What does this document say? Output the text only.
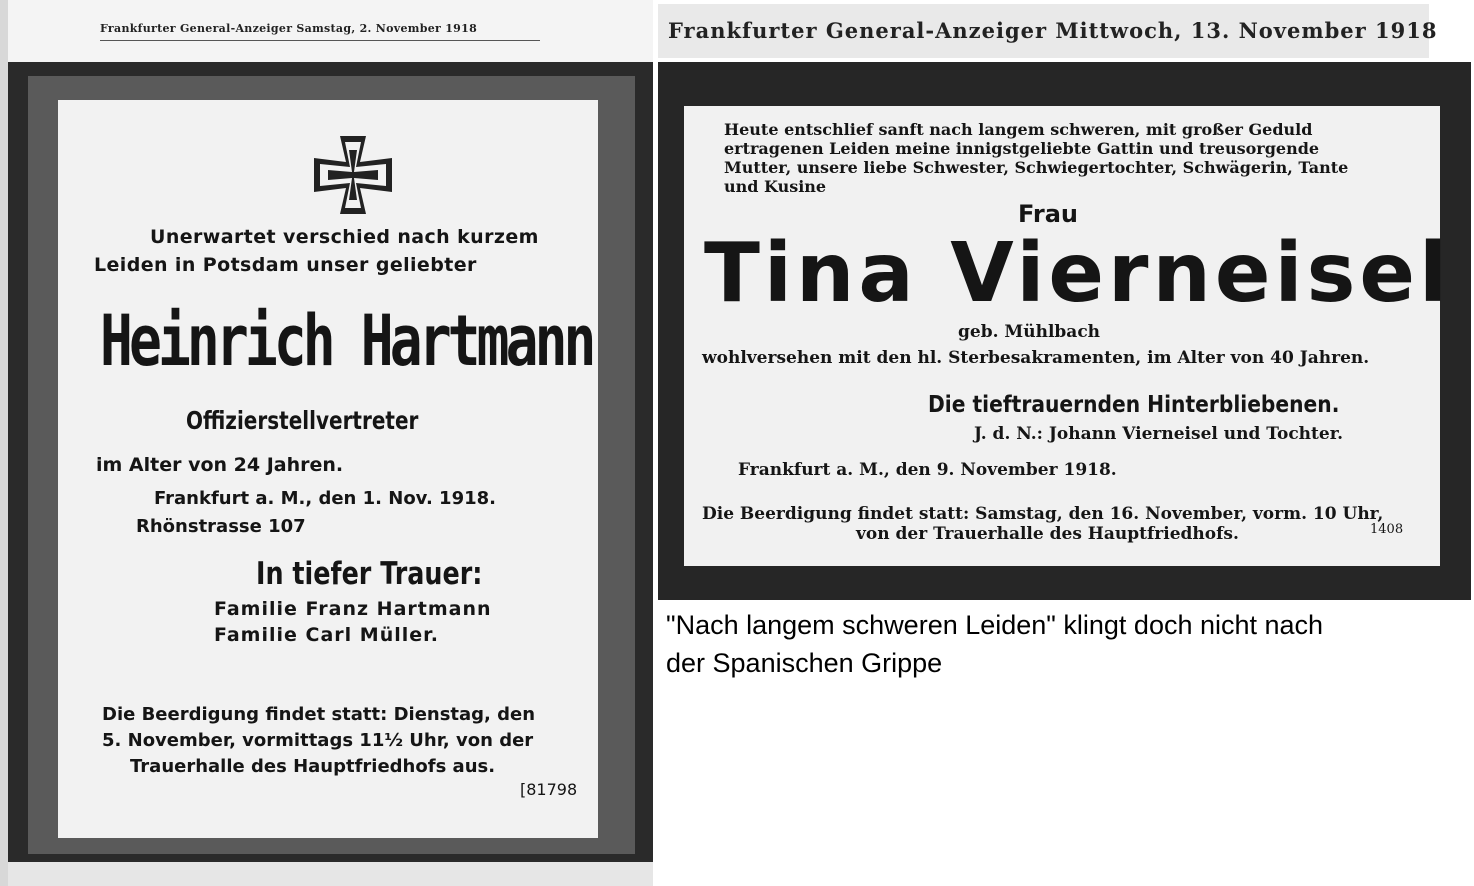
Frankfurter General-Anzeiger Samstag, 2. November 1918
Unerwartet verschied nach kurzem
Leiden in Potsdam unser geliebter
Heinrich Hartmann
Offizierstellvertreter
im Alter von 24 Jahren.
Frankfurt a. M., den 1. Nov. 1918.
Rhönstrasse 107
In tiefer Trauer:
Familie Franz Hartmann
Familie Carl Müller.
Die Beerdigung findet statt: Dienstag, den
5. November, vormittags 11½ Uhr, von der
Trauerhalle des Hauptfriedhofs aus.
[81798
Frankfurter General-Anzeiger Mittwoch, 13. November 1918
Heute entschlief sanft nach langem schweren, mit großer Geduld
ertragenen Leiden meine innigstgeliebte Gattin und treusorgende
Mutter, unsere liebe Schwester, Schwiegertochter, Schwägerin, Tante
und Kusine
Frau
Tina Vierneisel
geb. Mühlbach
wohlversehen mit den hl. Sterbesakramenten, im Alter von 40 Jahren.
Die tieftrauernden Hinterbliebenen.
J. d. N.: Johann Vierneisel und Tochter.
Frankfurt a. M., den 9. November 1918.
Die Beerdigung findet statt: Samstag, den 16. November, vorm. 10 Uhr,
von der Trauerhalle des Hauptfriedhofs.	1408
"Nach langem schweren Leiden" klingt doch nicht nach
der Spanischen Grippe
